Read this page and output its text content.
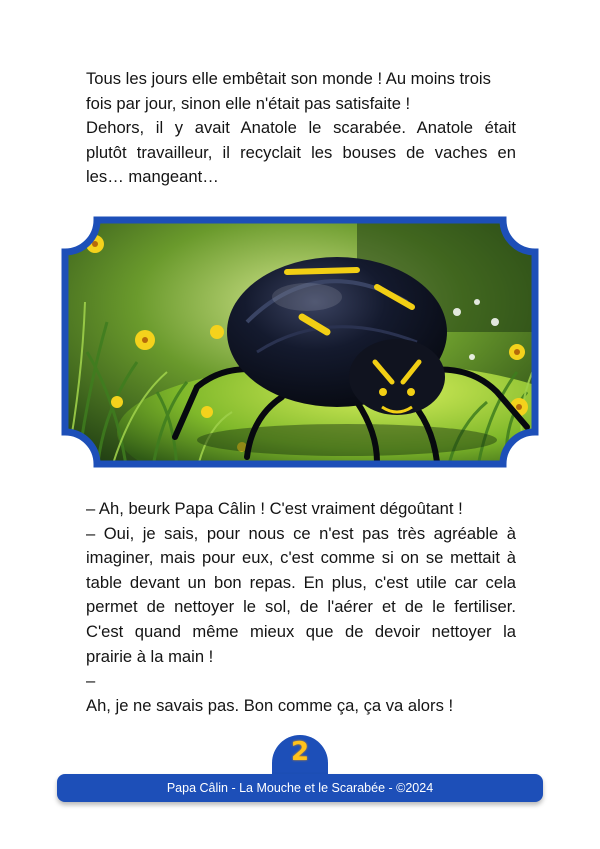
Tous les jours elle embêtait son monde ! Au moins trois
fois par jour, sinon elle n'était pas satisfaite !
Dehors, il y avait Anatole le scarabée. Anatole était
plutôt travailleur, il recyclait les bouses de vaches en
les… mangeant…

– Ah, beurk Papa Câlin ! C'est vraiment dégoûtant !
– Oui, je sais, pour nous ce n'est pas très agréable à
imaginer, mais pour eux, c'est comme si on se mettait à
table devant un bon repas. En plus, c'est utile car cela
permet de nettoyer le sol, de l'aérer et de le fertiliser.
C'est quand même mieux que de devoir nettoyer la
prairie à la main !
–
Ah, je ne savais pas. Bon comme ça, ça va alors !

2
Papa Câlin - La Mouche et le Scarabée - ©2024
